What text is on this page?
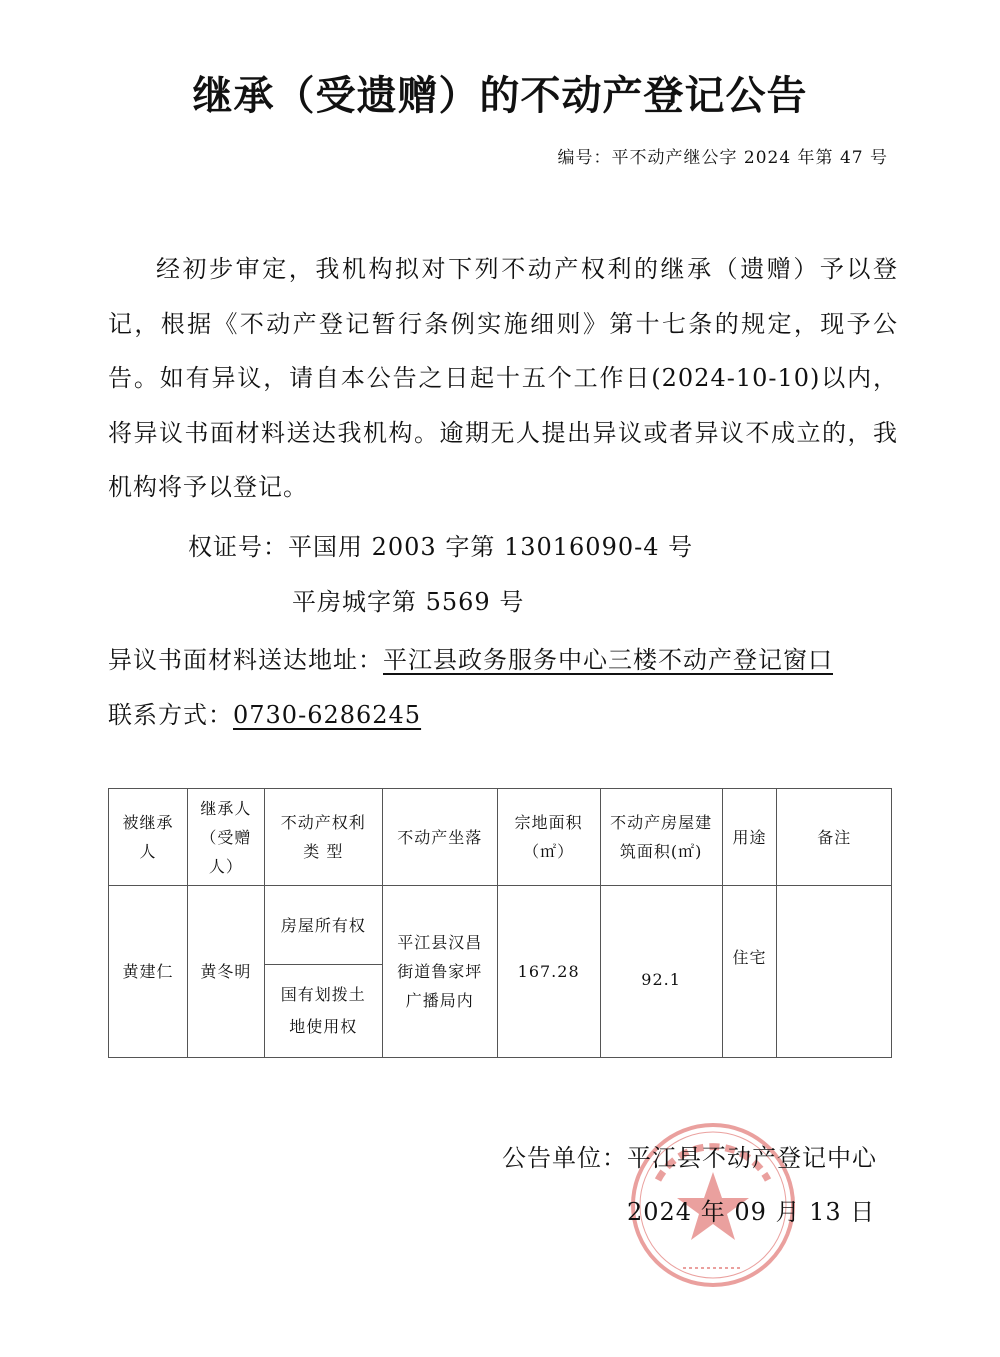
继承（受遗赠）的不动产登记公告
编号：平不动产继公字 2024 年第 47 号
经初步审定，我机构拟对下列不动产权利的继承（遗赠）予以登记，根据《不动产登记暂行条例实施细则》第十七条的规定，现予公告。如有异议，请自本公告之日起十五个工作日(2024-10-10)以内，将异议书面材料送达我机构。逾期无人提出异议或者异议不成立的，我机构将予以登记。
权证号：平国用 2003 字第 13016090-4 号
平房城字第 5569 号
异议书面材料送达地址：平江县政务服务中心三楼不动产登记窗口
联系方式：0730-6286245
被继承人	继承人（受赠人）	不动产权利类 型	不动产坐落	宗地面积（㎡）	不动产房屋建筑面积(㎡)	用途	备注
黄建仁	黄冬明	房屋所有权	平江县汉昌街道鲁家坪广播局内	167.28	92.1	住宅	
		国有划拨土地使用权					
公告单位：平江县不动产登记中心
2024 年 09 月 13 日
